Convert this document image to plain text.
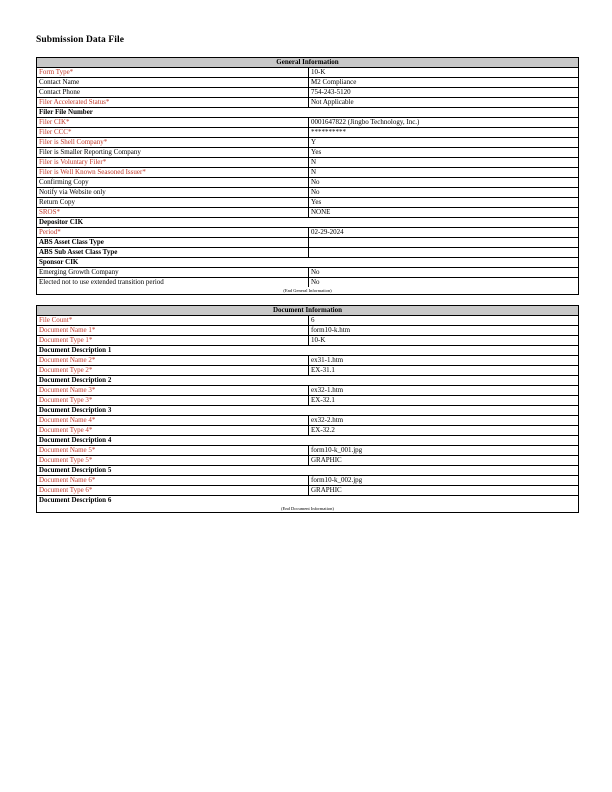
Submission Data File
General Information
Form Type*	10-K
Contact Name	M2 Compliance
Contact Phone	754-243-5120
Filer Accelerated Status*	Not Applicable
Filer File Number
Filer CIK*	0001647822 (Jingbo Technology, Inc.)
Filer CCC*	**********
Filer is Shell Company*	Y
Filer is Smaller Reporting Company	Yes
Filer is Voluntary Filer*	N
Filer is Well Known Seasoned Issuer*	N
Confirming Copy	No
Notify via Website only	No
Return Copy	Yes
SROS*	NONE
Depositor CIK
Period*	02-29-2024
ABS Asset Class Type
ABS Sub Asset Class Type
Sponsor CIK
Emerging Growth Company	No
Elected not to use extended transition period	No
(End General Information)
Document Information
File Count*	6
Document Name 1*	form10-k.htm
Document Type 1*	10-K
Document Description 1
Document Name 2*	ex31-1.htm
Document Type 2*	EX-31.1
Document Description 2
Document Name 3*	ex32-1.htm
Document Type 3*	EX-32.1
Document Description 3
Document Name 4*	ex32-2.htm
Document Type 4*	EX-32.2
Document Description 4
Document Name 5*	form10-k_001.jpg
Document Type 5*	GRAPHIC
Document Description 5
Document Name 6*	form10-k_002.jpg
Document Type 6*	GRAPHIC
Document Description 6
(End Document Information)
